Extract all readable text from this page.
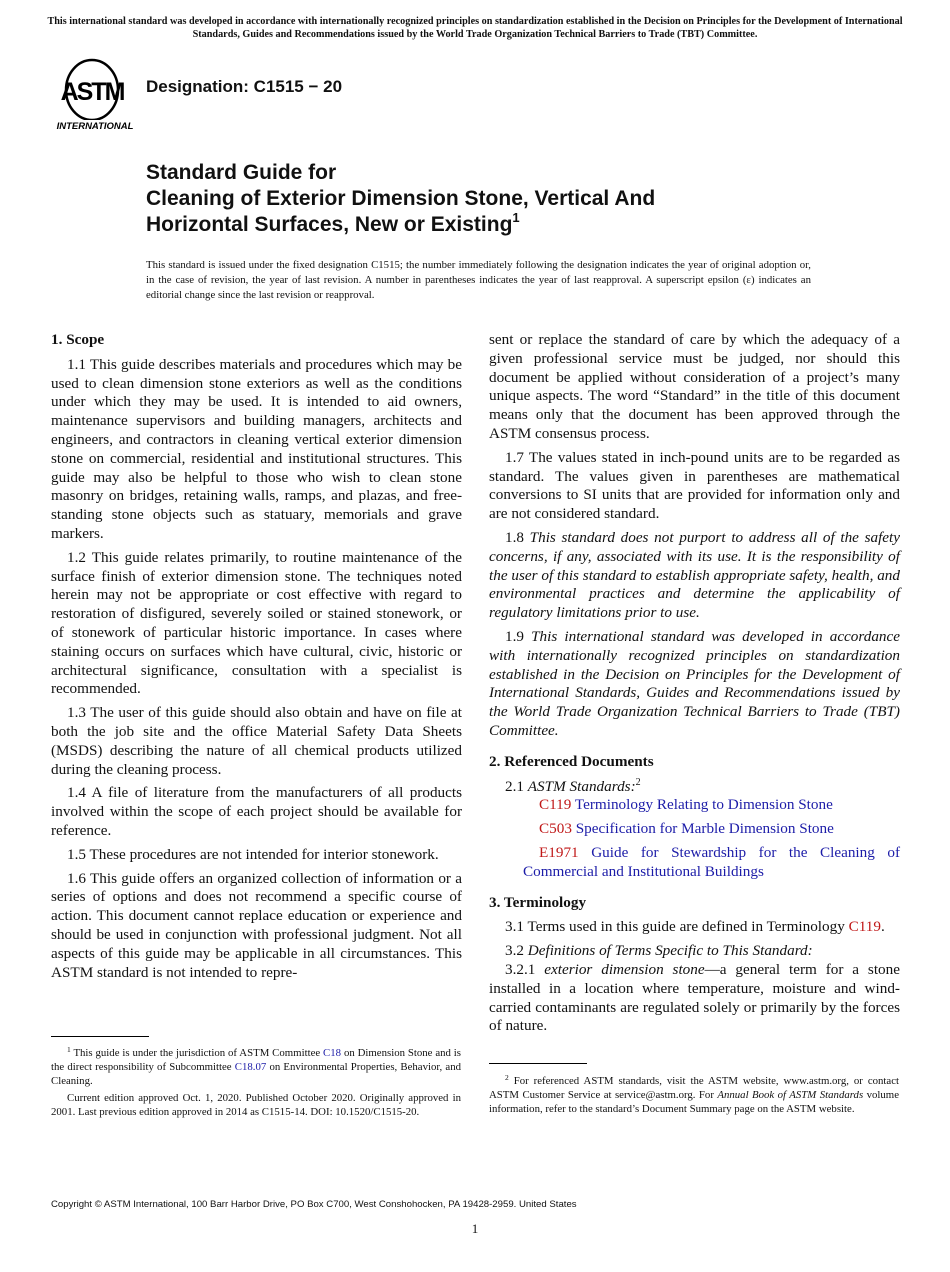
This international standard was developed in accordance with internationally recognized principles on standardization established in the Decision on Principles for the Development of International Standards, Guides and Recommendations issued by the World Trade Organization Technical Barriers to Trade (TBT) Committee.
ASTM
INTERNATIONAL
Designation: C1515 − 20
Standard Guide for
Cleaning of Exterior Dimension Stone, Vertical And
Horizontal Surfaces, New or Existing$^1$
This standard is issued under the fixed designation C1515; the number immediately following the designation indicates the year of original adoption or, in the case of revision, the year of last revision. A number in parentheses indicates the year of last reapproval. A superscript epsilon (ε) indicates an editorial change since the last revision or reapproval.
1. Scope

1.1 This guide describes materials and procedures which may be used to clean dimension stone exteriors as well as the conditions under which they may be used. It is intended to aid owners, maintenance supervisors and building managers, architects and engineers, and contractors in cleaning vertical exterior dimension stone on commercial, residential and institutional structures. This guide may also be helpful to those who wish to clean stone masonry on bridges, retaining walls, ramps, and plazas, and free-standing stone objects such as statuary, memorials and grave markers.

1.2 This guide relates primarily, to routine maintenance of the surface finish of exterior dimension stone. The techniques noted herein may not be appropriate or cost effective with regard to restoration of disfigured, severely soiled or stained stonework, or of stonework of particular historic importance. In cases where staining occurs on surfaces which have cultural, civic, historic or architectural significance, consultation with a specialist is recommended.

1.3 The user of this guide should also obtain and have on file at both the job site and the office Material Safety Data Sheets (MSDS) describing the nature of all chemical products utilized during the cleaning process.

1.4 A file of literature from the manufacturers of all products involved within the scope of each project should be available for reference.

1.5 These procedures are not intended for interior stonework.

1.6 This guide offers an organized collection of information or a series of options and does not recommend a specific course of action. This document cannot replace education or experience and should be used in conjunction with professional judgment. Not all aspects of this guide may be applicable in all circumstances. This ASTM standard is not intended to repre-

$^1$ This guide is under the jurisdiction of ASTM Committee C18 on Dimension Stone and is the direct responsibility of Subcommittee C18.07 on Environmental Properties, Behavior, and Cleaning.

Current edition approved Oct. 1, 2020. Published October 2020. Originally approved in 2001. Last previous edition approved in 2014 as C1515-14. DOI: 10.1520/C1515-20.

sent or replace the standard of care by which the adequacy of a given professional service must be judged, nor should this document be applied without consideration of a project’s many unique aspects. The word “Standard” in the title of this document means only that the document has been approved through the ASTM consensus process.

1.7 The values stated in inch-pound units are to be regarded as standard. The values given in parentheses are mathematical conversions to SI units that are provided for information only and are not considered standard.

1.8 This standard does not purport to address all of the safety concerns, if any, associated with its use. It is the responsibility of the user of this standard to establish appropriate safety, health, and environmental practices and determine the applicability of regulatory limitations prior to use.

1.9 This international standard was developed in accordance with internationally recognized principles on standardization established in the Decision on Principles for the Development of International Standards, Guides and Recommendations issued by the World Trade Organization Technical Barriers to Trade (TBT) Committee.

2. Referenced Documents

2.1 ASTM Standards:$^2$

C119 Terminology Relating to Dimension Stone

C503 Specification for Marble Dimension Stone

E1971 Guide for Stewardship for the Cleaning of Commercial and Institutional Buildings

3. Terminology

3.1 Terms used in this guide are defined in Terminology C119.

3.2 Definitions of Terms Specific to This Standard:

3.2.1 exterior dimension stone—a general term for a stone installed in a location where temperature, moisture and wind-carried contaminants are regulated solely or primarily by the forces of nature.

$^2$ For referenced ASTM standards, visit the ASTM website, www.astm.org, or contact ASTM Customer Service at service@astm.org. For Annual Book of ASTM Standards volume information, refer to the standard’s Document Summary page on the ASTM website.

Copyright © ASTM International, 100 Barr Harbor Drive, PO Box C700, West Conshohocken, PA 19428-2959. United States
1
